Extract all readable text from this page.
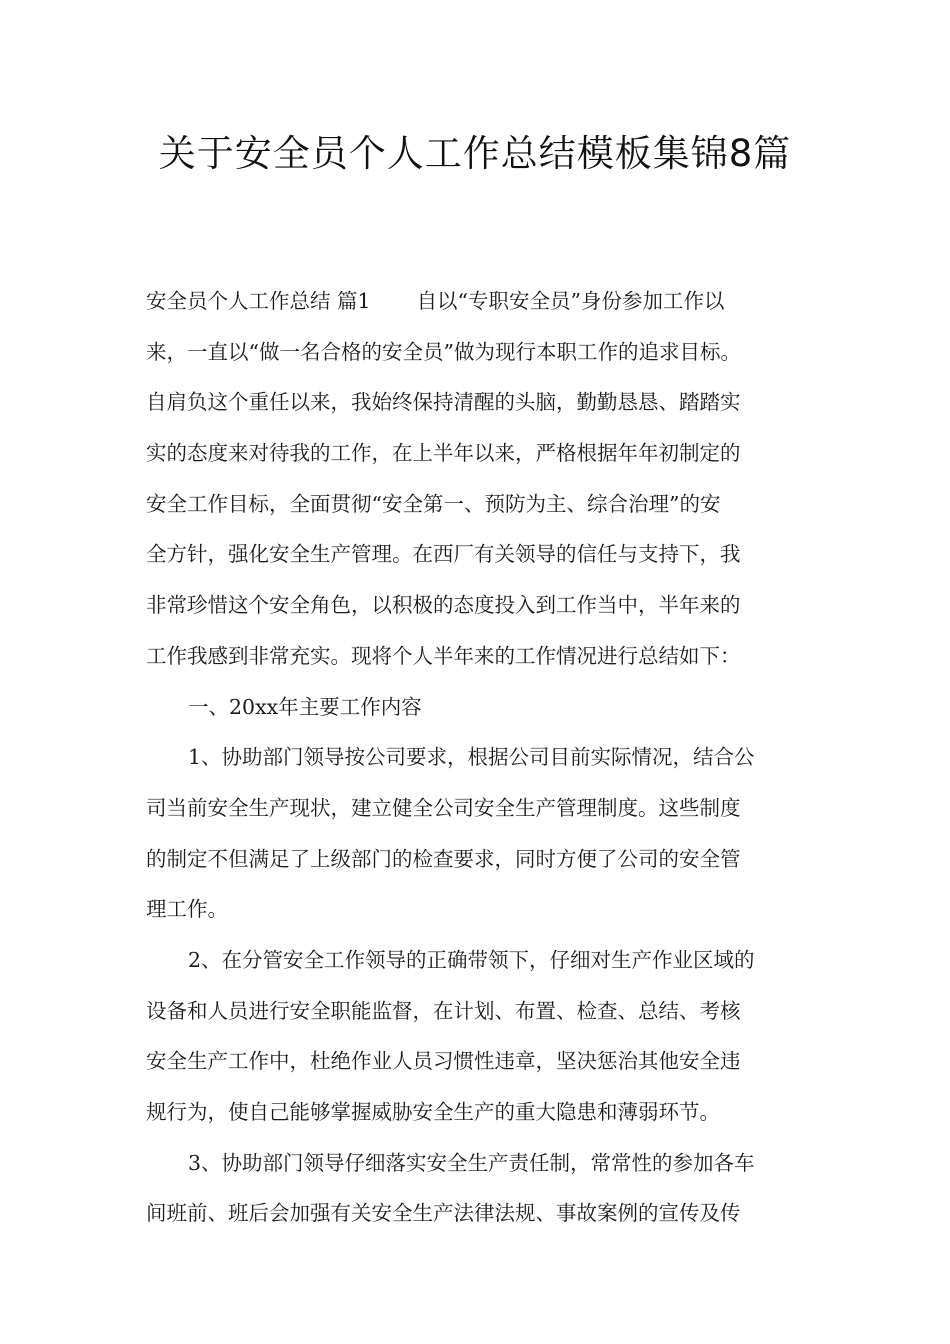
关于安全员个人工作总结模板集锦8篇
安全员个人工作总结 篇1 自以“专职安全员”身份参加工作以
来，一直以“做一名合格的安全员”做为现行本职工作的追求目标。
自肩负这个重任以来，我始终保持清醒的头脑，勤勤恳恳、踏踏实
实的态度来对待我的工作，在上半年以来，严格根据年年初制定的
安全工作目标，全面贯彻“安全第一、预防为主、综合治理”的安
全方针，强化安全生产管理。在西厂有关领导的信任与支持下，我
非常珍惜这个安全角色，以积极的态度投入到工作当中，半年来的
工作我感到非常充实。现将个人半年来的工作情况进行总结如下：
一、20xx年主要工作内容
1、协助部门领导按公司要求，根据公司目前实际情况，结合公
司当前安全生产现状，建立健全公司安全生产管理制度。这些制度
的制定不但满足了上级部门的检查要求，同时方便了公司的安全管
理工作。
2、在分管安全工作领导的正确带领下，仔细对生产作业区域的
设备和人员进行安全职能监督，在计划、布置、检查、总结、考核
安全生产工作中，杜绝作业人员习惯性违章，坚决惩治其他安全违
规行为，使自己能够掌握威胁安全生产的重大隐患和薄弱环节。
3、协助部门领导仔细落实安全生产责任制，常常性的参加各车
间班前、班后会加强有关安全生产法律法规、事故案例的宣传及传
